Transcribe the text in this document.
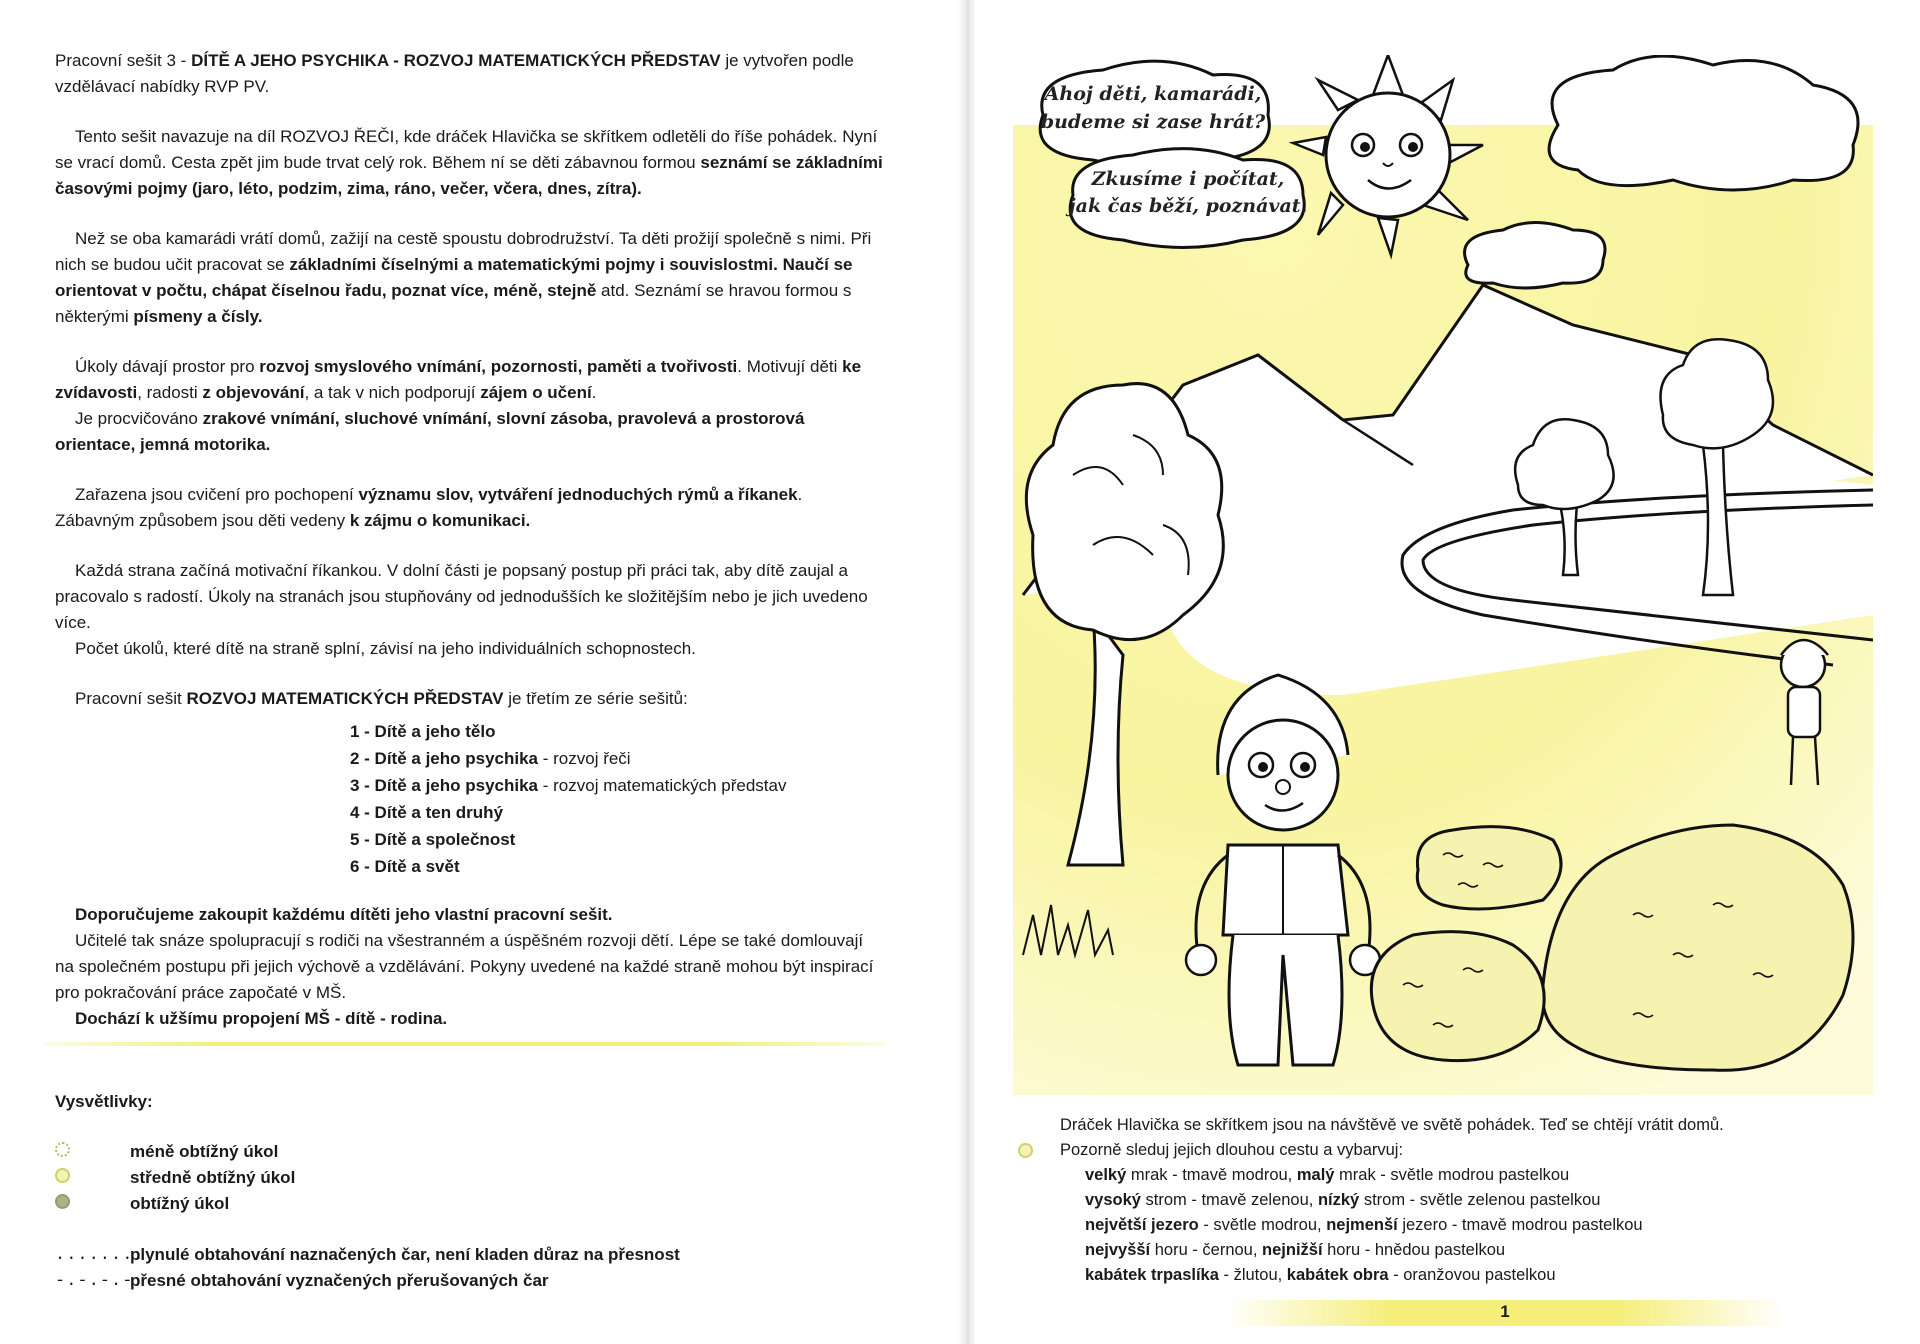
Pracovní sešit 3 - DÍTĚ A JEHO PSYCHIKA - ROZVOJ MATEMATICKÝCH PŘEDSTAV je vytvořen podle vzdělávací nabídky RVP PV.

Tento sešit navazuje na díl ROZVOJ ŘEČI, kde dráček Hlavička se skřítkem odletěli do říše pohádek. Nyní se vrací domů. Cesta zpět jim bude trvat celý rok. Během ní se děti zábavnou formou seznámí se základními časovými pojmy (jaro, léto, podzim, zima, ráno, večer, včera, dnes, zítra).

Než se oba kamarádi vrátí domů, zažijí na cestě spoustu dobrodružství. Ta děti prožijí společně s nimi. Při nich se budou učit pracovat se základními číselnými a matematickými pojmy i souvislostmi. Naučí se orientovat v počtu, chápat číselnou řadu, poznat více, méně, stejně atd. Seznámí se hravou formou s některými písmeny a čísly.

Úkoly dávají prostor pro rozvoj smyslového vnímání, pozornosti, paměti a tvořivosti. Motivují děti ke zvídavosti, radosti z objevování, a tak v nich podporují zájem o učení.

Je procvičováno zrakové vnímání, sluchové vnímání, slovní zásoba, pravolevá a prostorová orientace, jemná motorika.

Zařazena jsou cvičení pro pochopení významu slov, vytváření jednoduchých rýmů a říkanek. Zábavným způsobem jsou děti vedeny k zájmu o komunikaci.

Každá strana začíná motivační říkankou. V dolní části je popsaný postup při práci tak, aby dítě zaujal a pracovalo s radostí. Úkoly na stranách jsou stupňovány od jednodušších ke složitějším nebo je jich uvedeno více.

Počet úkolů, které dítě na straně splní, závisí na jeho individuálních schopnostech.

Pracovní sešit ROZVOJ MATEMATICKÝCH PŘEDSTAV je třetím ze série sešitů:

1 - Dítě a jeho tělo
2 - Dítě a jeho psychika - rozvoj řeči
3 - Dítě a jeho psychika - rozvoj matematických představ
4 - Dítě a ten druhý
5 - Dítě a společnost
6 - Dítě a svět

Doporučujeme zakoupit každému dítěti jeho vlastní pracovní sešit.

Učitelé tak snáze spolupracují s rodiči na všestranném a úspěšném rozvoji dětí. Lépe se také domlouvají na společném postupu při jejich výchově a vzdělávání. Pokyny uvedené na každé straně mohou být inspirací pro pokračování práce započaté v MŠ.

Dochází k užšímu propojení MŠ - dítě - rodina.

Vysvětlivky:
méně obtížný úkol
středně obtížný úkol
obtížný úkol
........
plynulé obtahování naznačených čar, není kladen důraz na přesnost
-.-.-.-
přesné obtahování vyznačených přerušovaných čar
Ahoj děti, kamarádi,
budeme si zase hrát?
Zkusíme i počítat,
jak čas běží, poznávat.
Dráček Hlavička se skřítkem jsou na návštěvě ve světě pohádek. Teď se chtějí vrátit domů.
Pozorně sleduj jejich dlouhou cestu a vybarvuj:
velký mrak - tmavě modrou, malý mrak - světle modrou pastelkou
vysoký strom - tmavě zelenou, nízký strom - světle zelenou pastelkou
největší jezero - světle modrou, nejmenší jezero - tmavě modrou pastelkou
nejvyšší horu - černou, nejnižší horu - hnědou pastelkou
kabátek trpaslíka - žlutou, kabátek obra - oranžovou pastelkou
1
